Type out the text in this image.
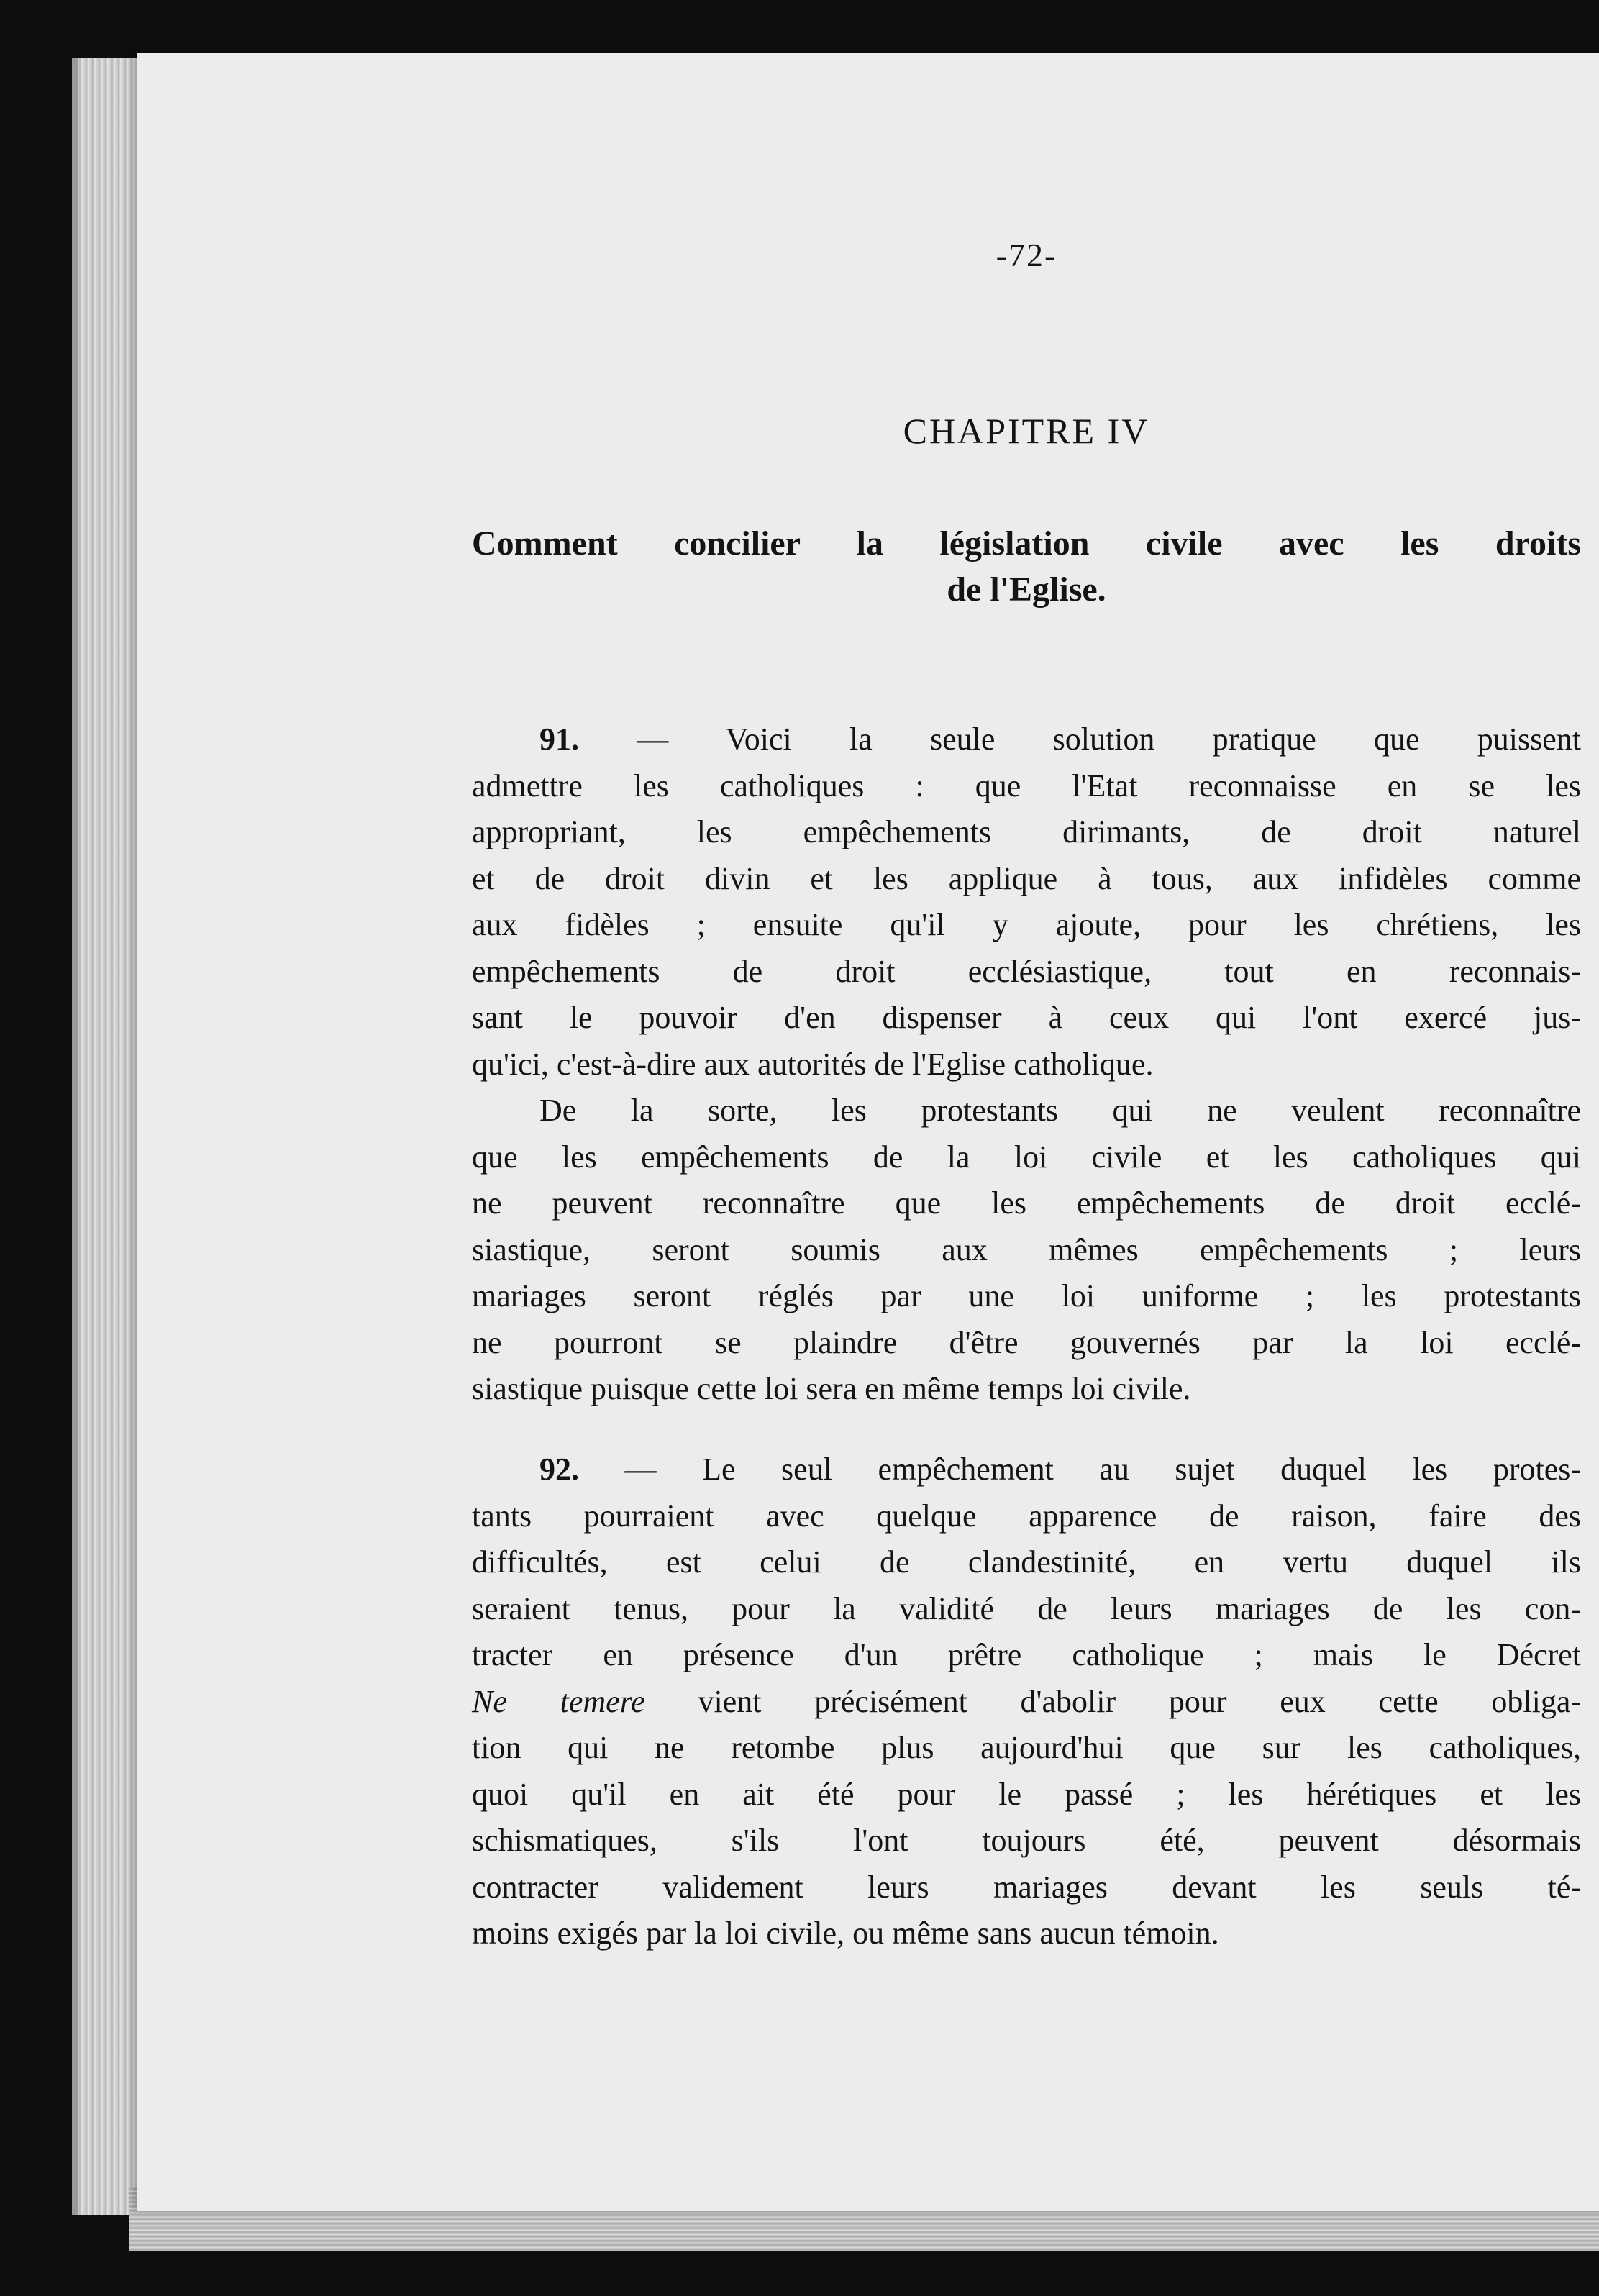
-72-
CHAPITRE IV
Comment concilier la législation civile avec les droits
de l'Eglise.
91. — Voici la seule solution pratique que puissent
admettre les catholiques : que l'Etat reconnaisse en se les
appropriant, les empêchements dirimants, de droit naturel
et de droit divin et les applique à tous, aux infidèles comme
aux fidèles ; ensuite qu'il y ajoute, pour les chrétiens, les
empêchements de droit ecclésiastique, tout en reconnais-
sant le pouvoir d'en dispenser à ceux qui l'ont exercé jus-
qu'ici, c'est-à-dire aux autorités de l'Eglise catholique.
De la sorte, les protestants qui ne veulent reconnaître
que les empêchements de la loi civile et les catholiques qui
ne peuvent reconnaître que les empêchements de droit ecclé-
siastique, seront soumis aux mêmes empêchements ; leurs
mariages seront réglés par une loi uniforme ; les protestants
ne pourront se plaindre d'être gouvernés par la loi ecclé-
siastique puisque cette loi sera en même temps loi civile.
92. — Le seul empêchement au sujet duquel les protes-
tants pourraient avec quelque apparence de raison, faire des
difficultés, est celui de clandestinité, en vertu duquel ils
seraient tenus, pour la validité de leurs mariages de les con-
tracter en présence d'un prêtre catholique ; mais le Décret
Ne temere vient précisément d'abolir pour eux cette obliga-
tion qui ne retombe plus aujourd'hui que sur les catholiques,
quoi qu'il en ait été pour le passé ; les hérétiques et les
schismatiques, s'ils l'ont toujours été, peuvent désormais
contracter validement leurs mariages devant les seuls té-
moins exigés par la loi civile, ou même sans aucun témoin.
